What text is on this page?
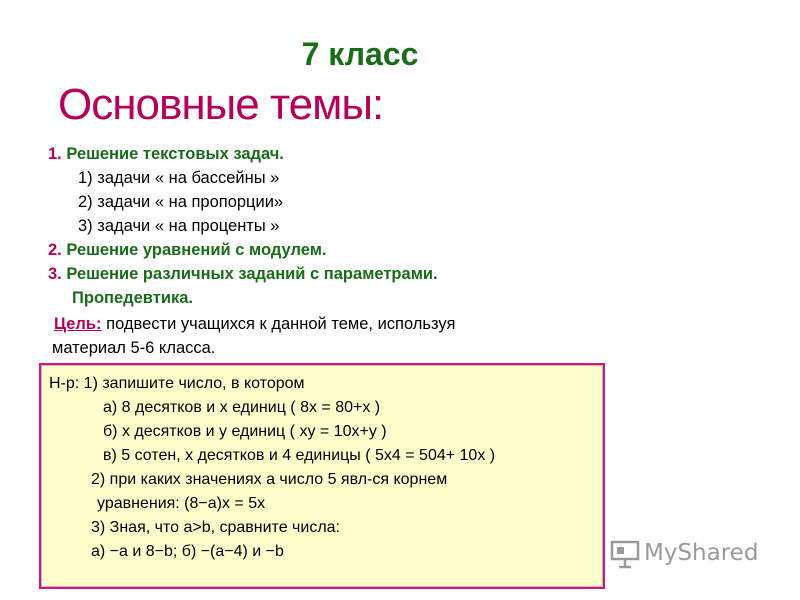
7 класс
Основные темы:
1. Решение текстовых задач.
1) задачи « на бассейны »
2) задачи « на пропорции»
3) задачи « на проценты »
2. Решение уравнений с модулем.
3. Решение различных заданий с параметрами.
Пропедевтика.
Цель: подвести учащихся к данной теме, используя
материал 5-6 класса.
Н-р: 1) запишите число, в котором
а) 8 десятков и х единиц ( 8х = 80+х )
б) х десятков и у единиц ( ху = 10х+у )
в) 5 сотен, х десятков и 4 единицы ( 5х4 = 504+ 10х )
2) при каких значениях а число 5 явл-ся корнем
уравнения: (8−а)х = 5х
3) Зная, что а>b, сравните числа:
а) −а и 8−b; б) −(а−4) и −b	MyShared
